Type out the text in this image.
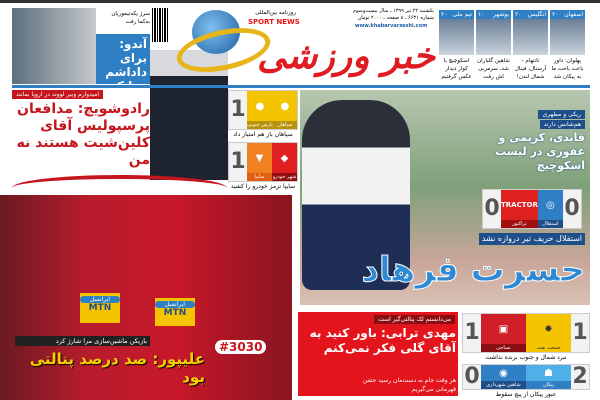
سرژ یکه‌تیموریان به‌کما رفت
آندو: برای داداشم
روزنامه بین‌المللی
SPORT NEWS
خبر ورزشی
یکشنبه ۲۲ تیر ۱۳۹۹ ـ سال بیست‌وسوم
شماره ۶۶۳۱ ـ ۸ صفحه ـ ۲۰۰۰ تومان
www.khabarvarzeshi.com
اصفهان
۲۰
پهلوان: داور باعث باخت ما به پیکان شد
انگلیس
۲۰
تاتنهام - آرسنال، فینال شمال لندن!
بوشهر
۱۰
شاهین گلباران شد، سرمربی اش رفت
تیم ملی
۲۰
اسکوچیچ با کوار دیدار عکس گرفتیم
امیدوارم وبیر لووند در اروپا بمانند
رادوشویچ: مدافعان پرسپولیس آقای کلین‌شیت هستند نه من
1 ●
پارس جنوبی
●
سپاهان
سپاهان باز هم امتیاز داد
1 ▼
سایپا
◆
شهر خودرو
سایپا ترمز خودرو را کشید
ریکی و مطهری
هم‌شانس دارند
قایدی، کریمی و غفوری در لیست اسکوچیچ
0 TRACTOR
تراکتور
◎
استقلال
0
استقلال حریف تیر دروازه نشد
حسرت فرهاد
ایرانسل
MTN	ایرانسل
MTN
#3030
بازیکن ماشین‌سازی مرا شارژ کرد
علیپور: صد درصد پنالتی بود
می‌دانستم لک پنالتی‌گیر است
مهدی ترابی: باور کنید به آقای گلی فکر نمی‌کنم
هر وقت جام به دست‌مان رسید جشن قهرمانی می‌گیریم
1	▣
نساجی
✹
صنعت نفت
1
نبرد شمال و جنوب برنده نداشت
0	◉
شاهین شهرداری
☗
پیکان 2
عبور پیکان از پیچ سقوط
